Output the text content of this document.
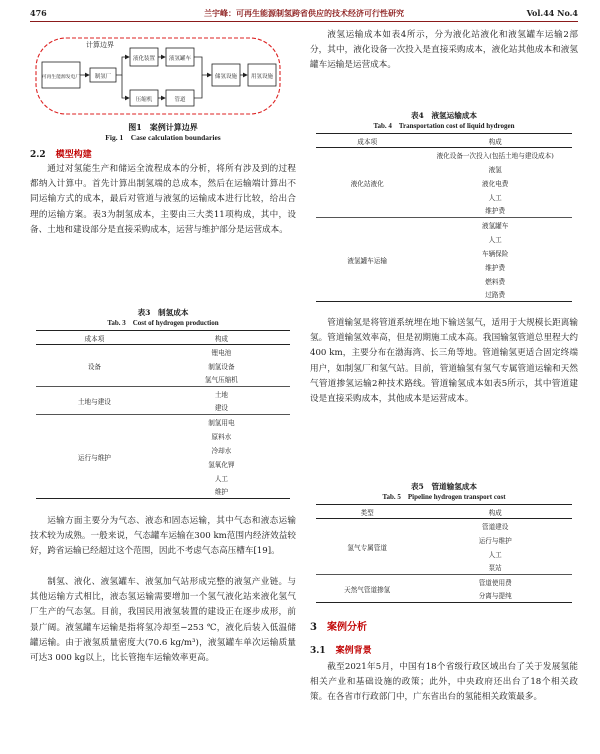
476	兰宇峰：可再生能源制氢跨省供应的技术经济可行性研究	Vol.44 No.4
计算边界
可再生能源发电厂	制氢厂
液化装置	液氢罐车
压缩机	管道
储氢设施	用氢设施
图1　案例计算边界
Fig. 1　Case calculation boundaries
2.2 模型构建
通过对氢能生产和储运全流程成本的分析，将所有涉及到的过程都纳入计算中。首先计算出制氢端的总成本，然后在运输端计算出不同运输方式的成本，最后对管道与液氢的运输成本进行比较，给出合理的运输方案。表3为制氢成本，主要由三大类11项构成，其中，设备、土地和建设部分是直接采购成本，运营与维护部分是运营成本。
表3　制氢成本
Tab. 3　Cost of hydrogen production
成本项	构成
设备	锂电池
	制氢设备
	氢气压缩机
土地与建设	土地
	建设
运行与维护	制氢用电
	原料水
	冷却水
	氢氧化钾
	人工
	维护
运输方面主要分为气态、液态和固态运输，其中气态和液态运输技术较为成熟。一般来说，气态罐车运输在300 km范围内经济效益较好，跨省运输已经超过这个范围，因此不考虑气态高压槽车[19]。
制氢、液化、液氢罐车、液氢加气站形成完整的液氢产业链。与其他运输方式相比，液态氢运输需要增加一个氢气液化站来液化氢气厂生产的气态氢。目前，我国民用液氢装置的建设正在逐步成形，前景广阔。液氢罐车运输是指将氢冷却至−253 ℃，液化后装入低温储罐运输。由于液氢质量密度大(70.6 kg/m³)，液氢罐车单次运输质量可达3 000 kg以上，比长管拖车运输效率更高。
液氢运输成本如表4所示，分为液化站液化和液氢罐车运输2部分，其中，液化设备一次投入是直接采购成本，液化站其他成本和液氢罐车运输是运营成本。
表4　液氢运输成本
Tab. 4　Transportation cost of liquid hydrogen
成本项	构成
液化站液化	液化设备一次投入(包括土地与建设成本)
	液氢
	液化电费
	人工
	维护费
液氢罐车运输	液氢罐车
	人工
	车辆保险
	维护费
	燃料费
	过路费
管道输氢是将管道系统埋在地下输送氢气，适用于大规模长距离输氢。管道输氢效率高，但是初期施工成本高。我国输氢管道总里程大约400 km，主要分布在渤海湾、长三角等地。管道输氢更适合固定终端用户，如制氢厂和氢气站。目前，管道输氢有氢气专属管道运输和天然气管道掺氢运输2种技术路线。管道输氢成本如表5所示，其中管道建设是直接采购成本，其他成本是运营成本。
表5　管道输氢成本
Tab. 5　Pipeline hydrogen transport cost
类型	构成
氢气专属管道	管道建设
	运行与维护
	人工
	泵站
天然气管道掺氢	管道使用费
	分离与提纯
3 案例分析
3.1 案例背景
截至2021年5月，中国有18个省级行政区域出台了关于发展氢能相关产业和基础设施的政策；此外，中央政府还出台了18个相关政策。在各省市行政部门中，广东省出台的氢能相关政策最多。
